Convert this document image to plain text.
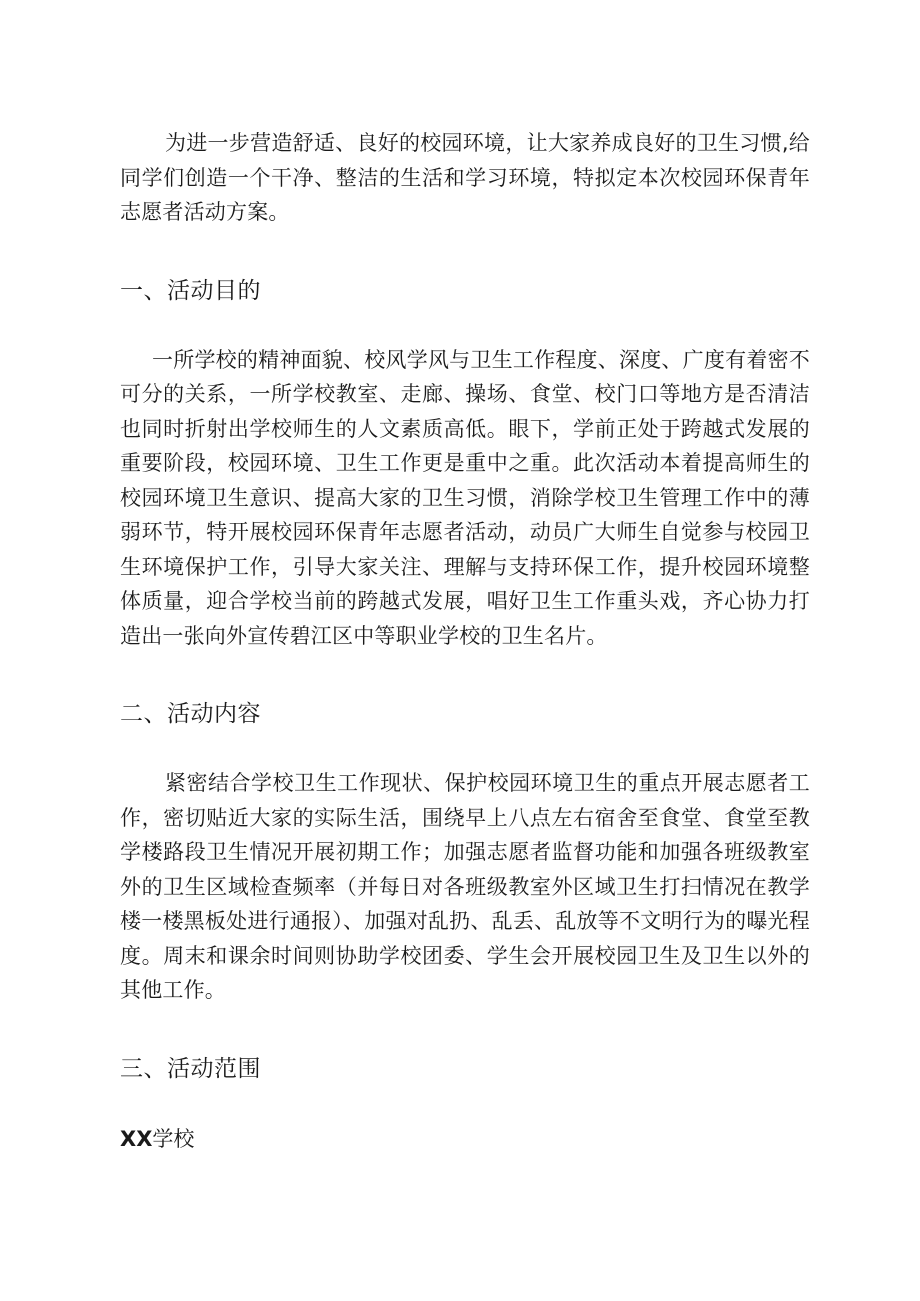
为进一步营造舒适、良好的校园环境，让大家养成良好的卫生习惯,给同学们创造一个干净、整洁的生活和学习环境，特拟定本次校园环保青年志愿者活动方案。

一、活动目的

一所学校的精神面貌、校风学风与卫生工作程度、深度、广度有着密不可分的关系，一所学校教室、走廊、操场、食堂、校门口等地方是否清洁也同时折射出学校师生的人文素质高低。眼下，学前正处于跨越式发展的重要阶段，校园环境、卫生工作更是重中之重。此次活动本着提高师生的校园环境卫生意识、提高大家的卫生习惯，消除学校卫生管理工作中的薄弱环节，特开展校园环保青年志愿者活动，动员广大师生自觉参与校园卫生环境保护工作，引导大家关注、理解与支持环保工作，提升校园环境整体质量，迎合学校当前的跨越式发展，唱好卫生工作重头戏，齐心协力打造出一张向外宣传碧江区中等职业学校的卫生名片。

二、活动内容

紧密结合学校卫生工作现状、保护校园环境卫生的重点开展志愿者工作，密切贴近大家的实际生活，围绕早上八点左右宿舍至食堂、食堂至教学楼路段卫生情况开展初期工作；加强志愿者监督功能和加强各班级教室外的卫生区域检查频率（并每日对各班级教室外区域卫生打扫情况在教学楼一楼黑板处进行通报）、加强对乱扔、乱丢、乱放等不文明行为的曝光程度。周末和课余时间则协助学校团委、学生会开展校园卫生及卫生以外的其他工作。

三、活动范围

XX学校
